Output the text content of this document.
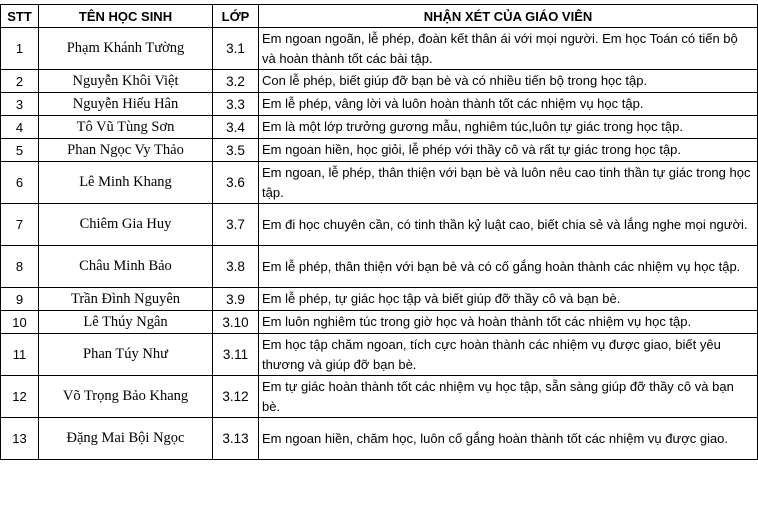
STT	TÊN HỌC SINH	LỚP	NHẬN XÉT CỦA GIÁO VIÊN
1	Phạm Khánh Tường	3.1	Em ngoan ngoãn, lễ phép, đoàn kết thân ái với mọi người. Em học Toán có tiến bộ và hoàn thành tốt các bài tập.
2	Nguyễn Khôi Việt	3.2	Con lễ phép, biết giúp đỡ bạn bè và có nhiều tiến bộ trong học tập.
3	Nguyễn Hiếu Hân	3.3	Em lễ phép, vâng lời và luôn hoàn thành tốt các nhiệm vụ học tập.
4	Tô Vũ Tùng Sơn	3.4	Em là một lớp trưởng gương mẫu, nghiêm túc,luôn tự giác trong học tập.
5	Phan Ngọc Vy Thảo	3.5	Em ngoan hiền, học giỏi, lễ phép với thầy cô và rất tự giác trong học tập.
6	Lê Minh Khang	3.6	Em ngoan, lễ phép, thân thiện với bạn bè và luôn nêu cao tinh thần tự giác trong học tập.
7	Chiêm Gia Huy	3.7	Em đi học chuyên cần, có tinh thần kỷ luật cao, biết chia sẻ và lắng nghe mọi người.
8	Châu Minh Bảo	3.8	Em lễ phép, thân thiện với bạn bè và có cố gắng hoàn thành các nhiệm vụ học tập.
9	Trần Đình Nguyên	3.9	Em lễ phép, tự giác học tập và biết giúp đỡ thầy cô và bạn bè.
10	Lê Thúy Ngân	3.10	Em luôn nghiêm túc trong giờ học và hoàn thành tốt các nhiệm vụ học tập.
11	Phan Túy Như	3.11	Em học tập chăm ngoan, tích cực hoàn thành các nhiệm vụ được giao, biết yêu thương và giúp đỡ bạn bè.
12	Võ Trọng Bảo Khang	3.12	Em tự giác hoàn thành tốt các nhiệm vụ học tập, sẵn sàng giúp đỡ thầy cô và bạn bè.
13	Đặng Mai Bội Ngọc	3.13	Em ngoan hiền, chăm học, luôn cố gắng hoàn thành tốt các nhiệm vụ được giao.
